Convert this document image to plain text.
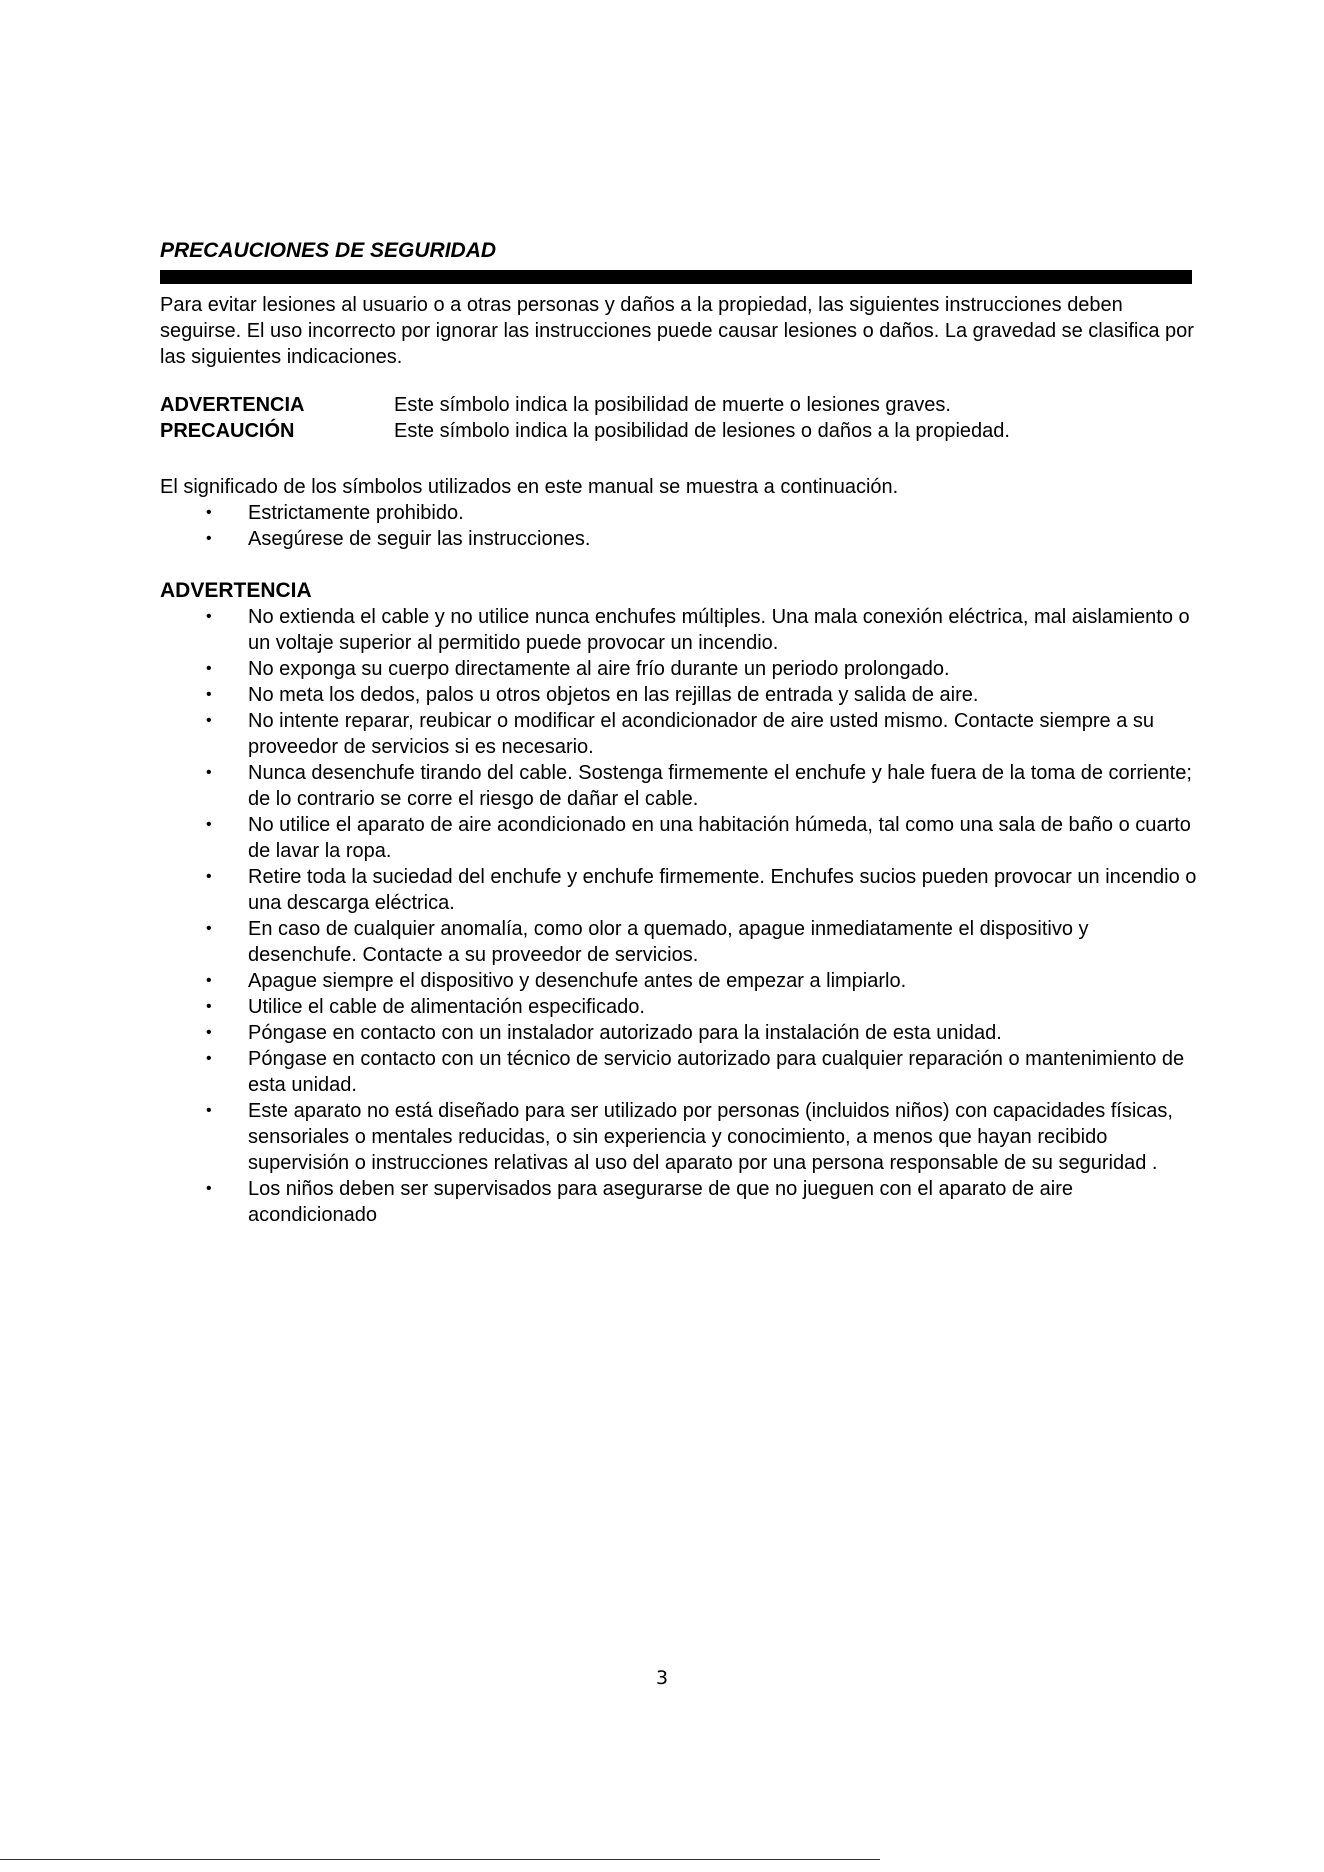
PRECAUCIONES DE SEGURIDAD

Para evitar lesiones al usuario o a otras personas y daños a la propiedad, las siguientes instrucciones deben seguirse. El uso incorrecto por ignorar las instrucciones puede causar lesiones o daños. La gravedad se clasifica por las siguientes indicaciones.

ADVERTENCIA	Este símbolo indica la posibilidad de muerte o lesiones graves.
PRECAUCIÓN	Este símbolo indica la posibilidad de lesiones o daños a la propiedad.

El significado de los símbolos utilizados en este manual se muestra a continuación.

• Estrictamente prohibido.
• Asegúrese de seguir las instrucciones.
ADVERTENCIA
• No extienda el cable y no utilice nunca enchufes múltiples. Una mala conexión eléctrica, mal aislamiento o un voltaje superior al permitido puede provocar un incendio.
• No exponga su cuerpo directamente al aire frío durante un periodo prolongado.
• No meta los dedos, palos u otros objetos en las rejillas de entrada y salida de aire.
• No intente reparar, reubicar o modificar el acondicionador de aire usted mismo. Contacte siempre a su proveedor de servicios si es necesario.
• Nunca desenchufe tirando del cable. Sostenga firmemente el enchufe y hale fuera de la toma de corriente; de lo contrario se corre el riesgo de dañar el cable.
• No utilice el aparato de aire acondicionado en una habitación húmeda, tal como una sala de baño o cuarto de lavar la ropa.
• Retire toda la suciedad del enchufe y enchufe firmemente. Enchufes sucios pueden provocar un incendio o una descarga eléctrica.
• En caso de cualquier anomalía, como olor a quemado, apague inmediatamente el dispositivo y desenchufe. Contacte a su proveedor de servicios.
• Apague siempre el dispositivo y desenchufe antes de empezar a limpiarlo.
• Utilice el cable de alimentación especificado.
• Póngase en contacto con un instalador autorizado para la instalación de esta unidad.
• Póngase en contacto con un técnico de servicio autorizado para cualquier reparación o mantenimiento de esta unidad.
• Este aparato no está diseñado para ser utilizado por personas (incluidos niños) con capacidades físicas, sensoriales o mentales reducidas, o sin experiencia y conocimiento, a menos que hayan recibido supervisión o instrucciones relativas al uso del aparato por una persona responsable de su seguridad .
• Los niños deben ser supervisados para asegurarse de que no jueguen con el aparato de aire acondicionado
3
